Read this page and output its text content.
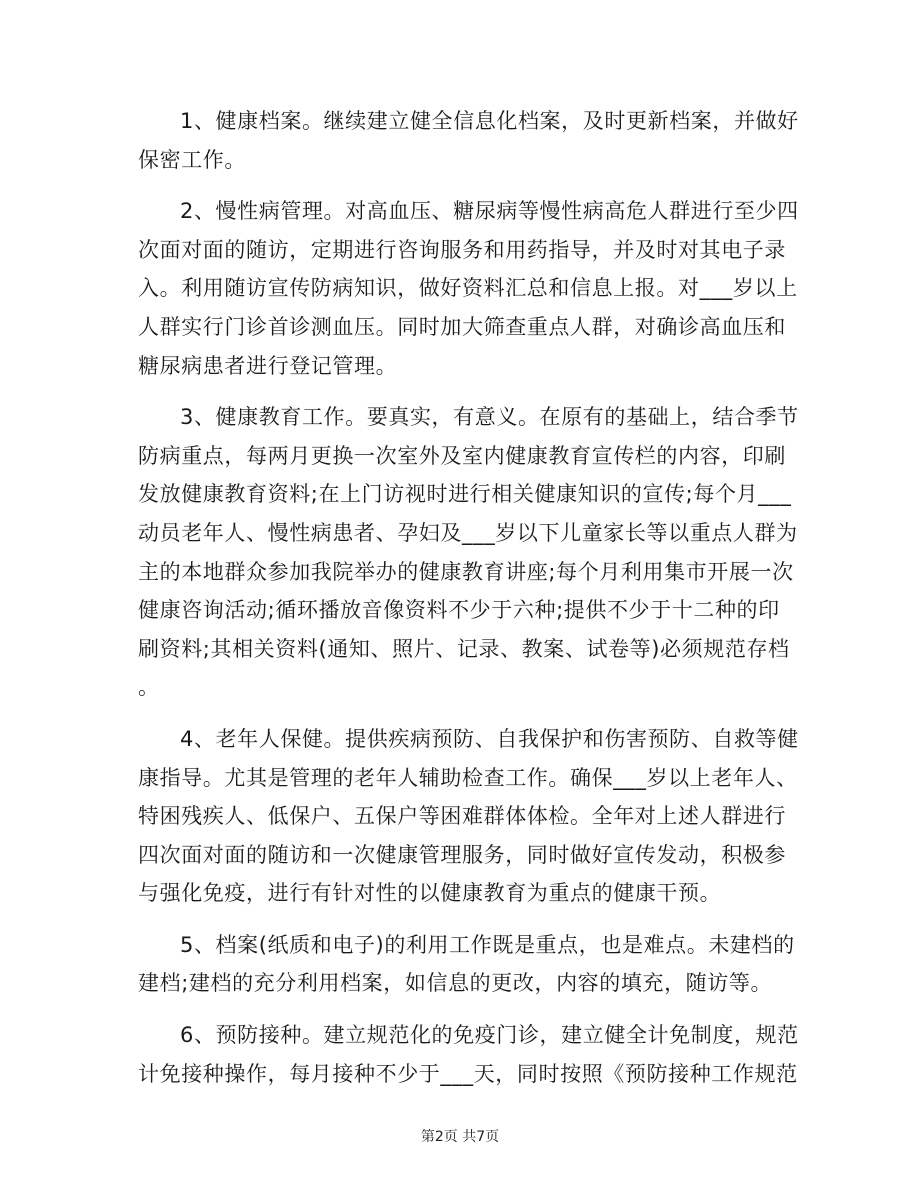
1、健康档案。继续建立健全信息化档案，及时更新档案，并做好
保密工作。

2、慢性病管理。对高血压、糖尿病等慢性病高危人群进行至少四
次面对面的随访，定期进行咨询服务和用药指导，并及时对其电子录
入。利用随访宣传防病知识，做好资料汇总和信息上报。对___岁以上
人群实行门诊首诊测血压。同时加大筛查重点人群，对确诊高血压和
糖尿病患者进行登记管理。

3、健康教育工作。要真实，有意义。在原有的基础上，结合季节
防病重点，每两月更换一次室外及室内健康教育宣传栏的内容，印刷
发放健康教育资料;在上门访视时进行相关健康知识的宣传;每个月___
动员老年人、慢性病患者、孕妇及___岁以下儿童家长等以重点人群为
主的本地群众参加我院举办的健康教育讲座;每个月利用集市开展一次
健康咨询活动;循环播放音像资料不少于六种;提供不少于十二种的印
刷资料;其相关资料(通知、照片、记录、教案、试卷等)必须规范存档
。

4、老年人保健。提供疾病预防、自我保护和伤害预防、自救等健
康指导。尤其是管理的老年人辅助检查工作。确保___岁以上老年人、
特困残疾人、低保户、五保户等困难群体体检。全年对上述人群进行
四次面对面的随访和一次健康管理服务，同时做好宣传发动，积极参
与强化免疫，进行有针对性的以健康教育为重点的健康干预。

5、档案(纸质和电子)的利用工作既是重点，也是难点。未建档的
建档;建档的充分利用档案，如信息的更改，内容的填充，随访等。

6、预防接种。建立规范化的免疫门诊，建立健全计免制度，规范
计免接种操作，每月接种不少于___天，同时按照《预防接种工作规范

第2页 共7页
